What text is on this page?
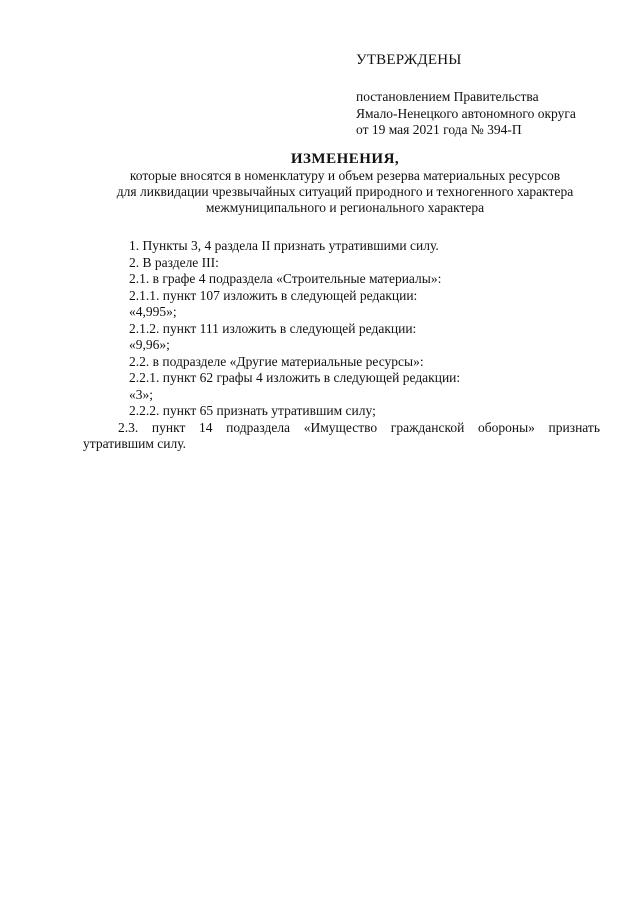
УТВЕРЖДЕНЫ
постановлением Правительства
Ямало-Ненецкого автономного округа
от 19 мая 2021 года № 394-П
ИЗМЕНЕНИЯ,
которые вносятся в номенклатуру и объем резерва материальных ресурсов
для ликвидации чрезвычайных ситуаций природного и техногенного характера
межмуниципального и регионального характера

1. Пункты 3, 4 раздела II признать утратившими силу.

2. В разделе III:

2.1. в графе 4 подраздела «Строительные материалы»:

2.1.1. пункт 107 изложить в следующей редакции:

«4,995»;

2.1.2. пункт 111 изложить в следующей редакции:

«9,96»;

2.2. в подразделе «Другие материальные ресурсы»:

2.2.1. пункт 62 графы 4 изложить в следующей редакции:

«3»;

2.2.2. пункт 65 признать утратившим силу;

2.3. пункт 14 подраздела «Имущество гражданской обороны» признать утратившим силу.
